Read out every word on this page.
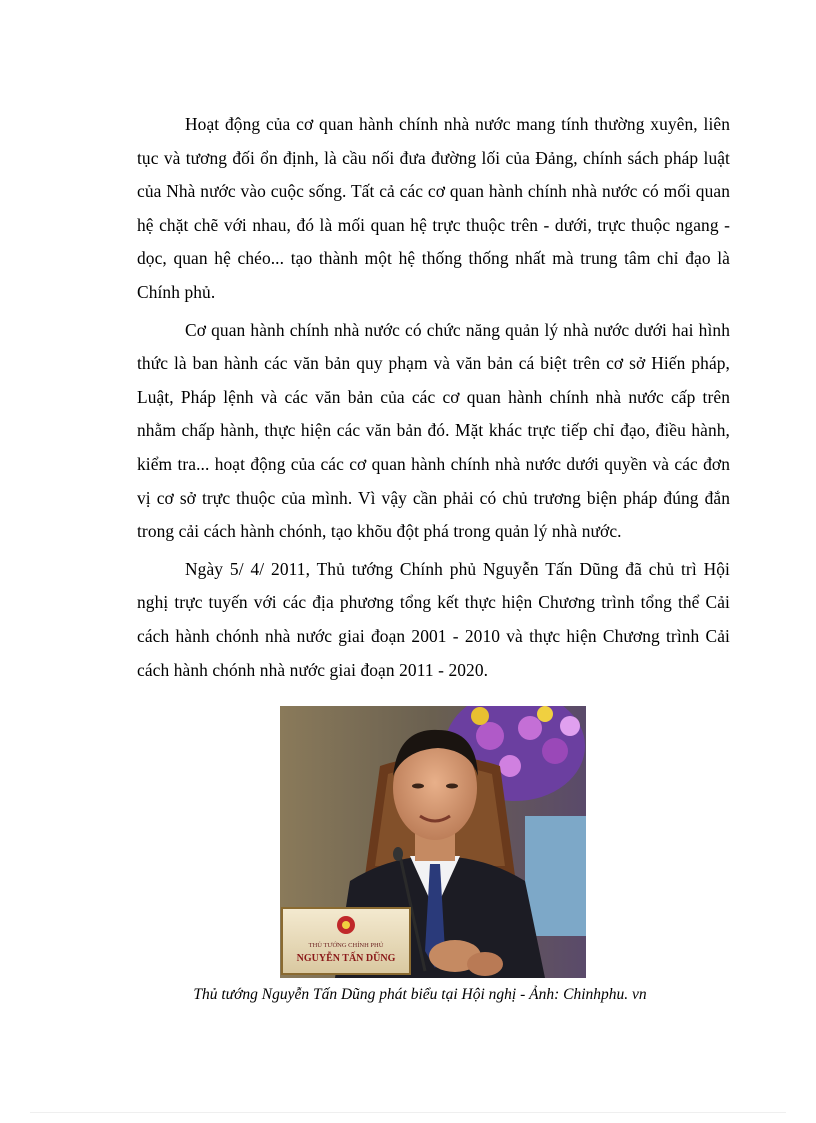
Hoạt động của cơ quan hành chính nhà nước mang tính thường xuyên, liên tục và tương đối ổn định, là cầu nối đưa đường lối của Đảng, chính sách pháp luật của Nhà nước vào cuộc sống. Tất cả các cơ quan hành chính nhà nước có mối quan hệ chặt chẽ với nhau, đó là mối quan hệ trực thuộc trên - dưới, trực thuộc ngang - dọc, quan hệ chéo... tạo thành một hệ thống thống nhất mà trung tâm chỉ đạo là Chính phủ.

Cơ quan hành chính nhà nước có chức năng quản lý nhà nước dưới hai hình thức là ban hành các văn bản quy phạm và văn bản cá biệt trên cơ sở Hiến pháp, Luật, Pháp lệnh và các văn bản của các cơ quan hành chính nhà nước cấp trên nhằm chấp hành, thực hiện các văn bản đó. Mặt khác trực tiếp chỉ đạo, điều hành, kiểm tra... hoạt động của các cơ quan hành chính nhà nước dưới quyền và các đơn vị cơ sở trực thuộc của mình. Vì vậy cần phải có chủ trương biện pháp đúng đắn trong cải cách hành chónh, tạo khõu đột phá trong quản lý nhà nước.

Ngày 5/ 4/ 2011, Thủ tướng Chính phủ Nguyễn Tấn Dũng đã chủ trì Hội nghị trực tuyến với các địa phương tổng kết thực hiện Chương trình tổng thể Cải cách hành chónh nhà nước giai đoạn 2001 - 2010 và thực hiện Chương trình Cải cách hành chónh nhà nước giai đoạn 2011 - 2020.

THỦ TƯỚNG CHÍNH PHỦ
NGUYỄN TẤN DŨNG
Thủ tướng Nguyễn Tấn Dũng phát biểu tại Hội nghị - Ảnh: Chinhphu. vn
